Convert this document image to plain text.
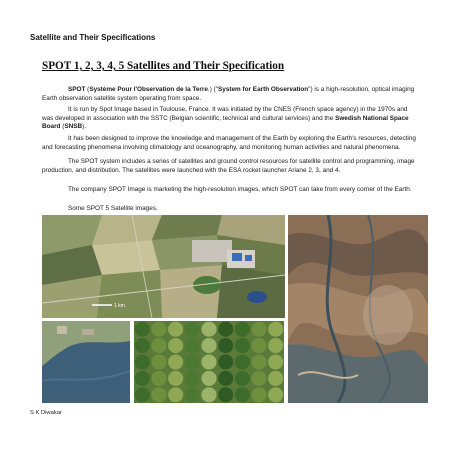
Satellite and Their Specifications
SPOT 1, 2, 3, 4, 5 Satellites and Their Specification
SPOT (Système Pour l'Observation de la Terre.) ("System for Earth Observation") is a high-resolution, optical imaging Earth observation satellite system operating from space.
It is run by Spot Image based in Toulouse, France. It was initiated by the CNES (French space agency) in the 1970s and was developed in association with the SSTC (Belgian scientific, technical and cultural services) and the Swedish National Space Board (SNSB).
It has been designed to improve the knowledge and management of the Earth by exploring the Earth's resources, detecting and forecasting phenomena involving climatology and oceanography, and monitoring human activities and natural phenomena.
The SPOT system includes a series of satellites and ground control resources for satellite control and programming, image production, and distribution. The satellites were launched with the ESA rocket launcher Ariane 2, 3, and 4.
The company SPOT Image is marketing the high-resolution images, which SPOT can take from every corner of the Earth.
Some SPOT 5 Satellite images.
1 km
S K Diwakar
